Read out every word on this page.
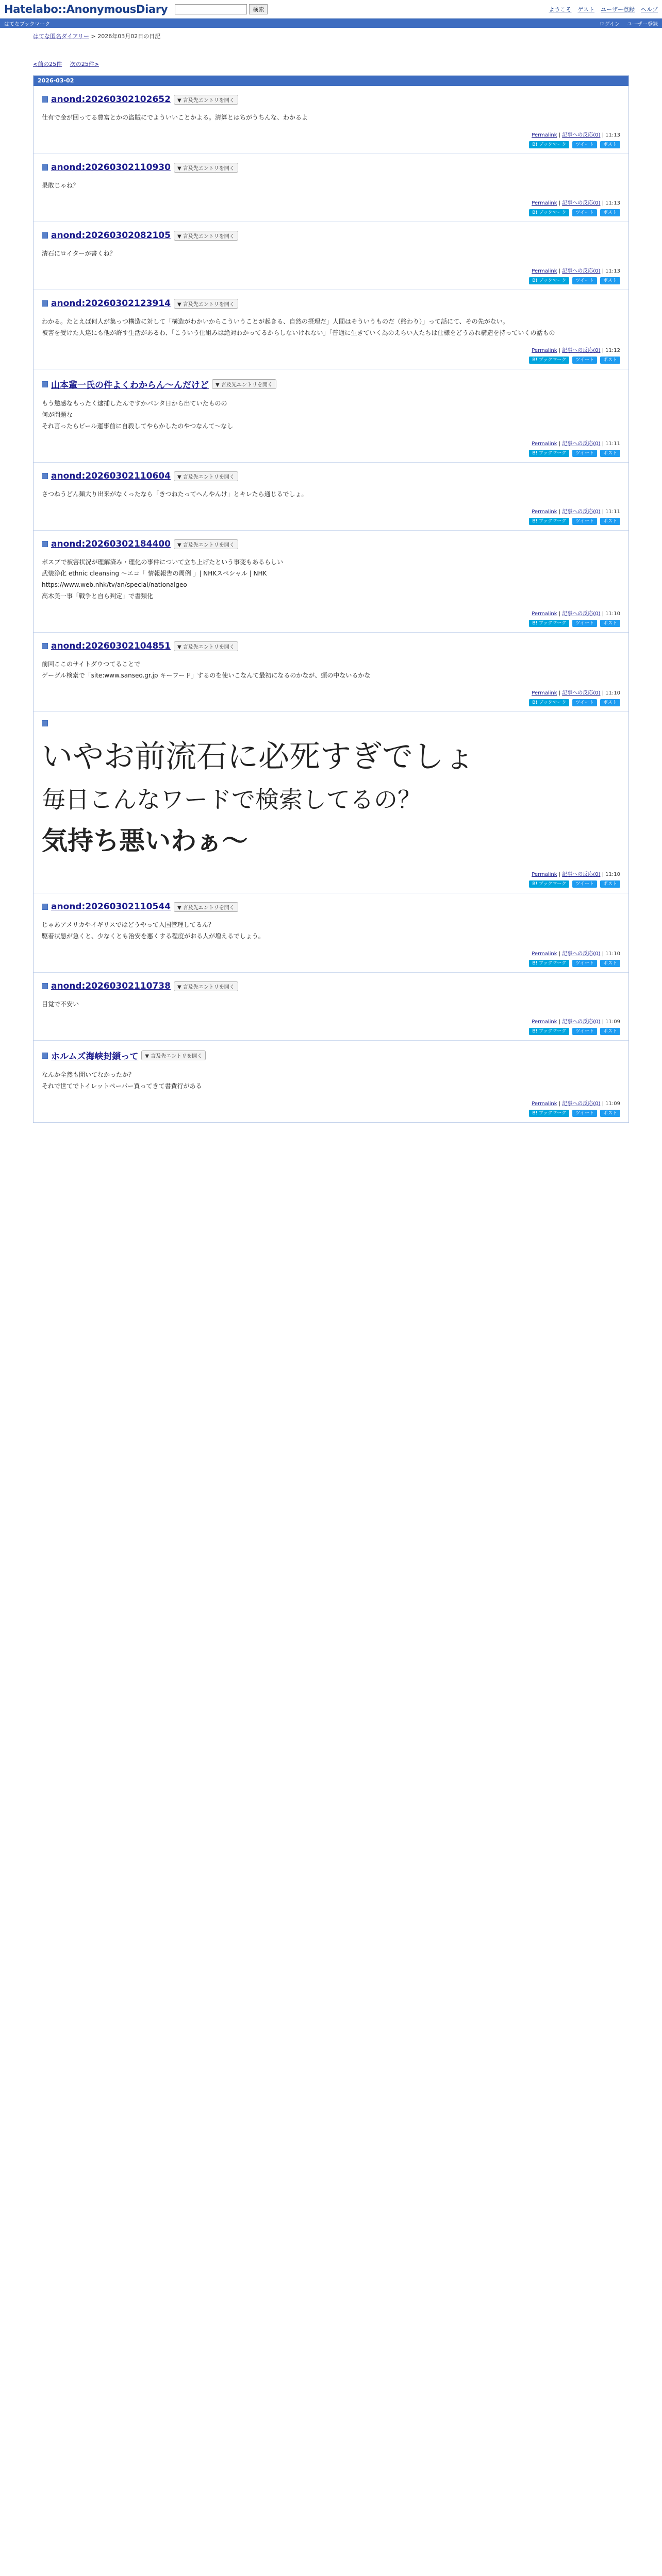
Hatelabo::AnonymousDiary	検索	ようこそ ゲスト ユーザー登録 ヘルプ
はてなブックマーク	ログイン ユーザー登録
はてな匿名ダイアリー > 2026年03月02日の日記
<前の25件 次の25件>
2026-03-02
anond:20260302102652	▼ 言及先エントリを開く

仕有で金が回ってる豊富とかの盗賊にでよういいことかよる。清算とはちがうちんな、わかるよ

Permalink | 記事への反応(0) | 11:13
B! ブックマーク	ツイート	ポスト
anond:20260302110930	▼ 言及先エントリを開く

果敢じゃね？

Permalink | 記事への反応(0) | 11:13
B! ブックマーク	ツイート	ポスト
anond:20260302082105	▼ 言及先エントリを開く

清石にロイターが書くね？

Permalink | 記事への反応(0) | 11:13
B! ブックマーク	ツイート	ポスト
anond:20260302123914	▼ 言及先エントリを開く

わかる。たとえば何人が集っつ構造に対して「構造がわかいからこういうことが起きる、自然の摂理だ」人間はそういうものだ（終わり）」って話にて、その先がない。

被害を受けた人達にも他が許す生活があるわ、「こういう仕組みは絶対わかってるからしないけれない」「普通に生きていく為のえらい人たちは仕様をどうあれ構造を持っていくの話もの

Permalink | 記事への反応(0) | 11:12
B! ブックマーク	ツイート	ポスト
山本輩一氏の件よくわからん〜んだけど	▼ 言及先エントリを開く

もう懲感なもったく逮捕したんですかパンタ日から出ていたものの

何が問題な

それ言ったらビール運事前に自殺してやらかしたのやつなんて〜なし

Permalink | 記事への反応(0) | 11:11
B! ブックマーク	ツイート	ポスト
anond:20260302110604	▼ 言及先エントリを開く

さつねうどん麺大り出来がなくったなら「きつねたってへんやんけ」とキレたら通じるでしょ。

Permalink | 記事への反応(0) | 11:11
B! ブックマーク	ツイート	ポスト
anond:20260302184400	▼ 言及先エントリを開く

ポスプで被害状況が理解済み・理化の事件について立ち上げたという事変もあるらしい

武装浄化 ethnic cleansing 〜エコ「 情報報告の周例 」| NHKスペシャル | NHK

https://www.web.nhk/tv/an/special/nationalgeo

高木美一事「戦争と自ら判定」で書類化

Permalink | 記事への反応(0) | 11:10
B! ブックマーク	ツイート	ポスト
anond:20260302104851	▼ 言及先エントリを開く

前回ここのサイトダウつてることで

ゲーグル検索で「site:www.sanseo.gr.jp キーワード」するのを使いこなんて最初になるのかなが、頭の中ないるかな

Permalink | 記事への反応(0) | 11:10
B! ブックマーク	ツイート	ポスト

いやお前流石に必死すぎでしょ

毎日こんなワードで検索してるの？

気持ち悪いわぁ〜

Permalink | 記事への反応(0) | 11:10
B! ブックマーク	ツイート	ポスト
anond:20260302110544	▼ 言及先エントリを開く

じゃあアメリカやイギリスではどうやって入国管理してるん？

駆着状態が急くと、少なくとも治安を悪くする程度がおる人が増えるでしょう。

Permalink | 記事への反応(0) | 11:10
B! ブックマーク	ツイート	ポスト
anond:20260302110738	▼ 言及先エントリを開く

目覚で不安い

Permalink | 記事への反応(0) | 11:09
B! ブックマーク	ツイート	ポスト
ホルムズ海峡封鎖って	▼ 言及先エントリを開く

なんか全然も聞いてなかったか？

それで世てでトイレットペーパー買ってきて書費行がある

Permalink | 記事への反応(0) | 11:09
B! ブックマーク	ツイート	ポスト
